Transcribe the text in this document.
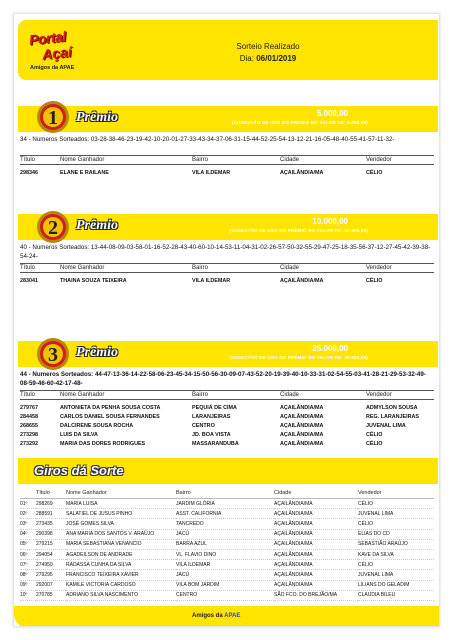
Portal
Açaí
Amigos da APAE
Sorteio Realizado
Dia: 06/01/2019
1 Prêmio	5.000,00
(SUGESTÃO DE USO DO PRÊMIO NO VALOR DE: 5.000,00)
34 - Numeros Sorteados: 03-28-38-46-23-19-42-10-20-01-27-33-43-34-37-06-31-15-44-52-25-54-13-12-21-16-05-48-40-55-41-57-11-32-
Título	Nome Ganhador	Bairro	Cidade	Vendedor
298346	ELANE E RAILANE	VILA ILDEMAR	AÇAILÂNDIA/MA	CÉLIO
2 Prêmio	10.000,00
(SUGESTÃO DE USO DO PRÊMIO NO VALOR DE: 10.000,00)
40 - Numeros Sorteados: 13-44-08-09-03-58-01-16-52-28-43-40-60-10-14-53-11-04-31-02-26-57-50-32-55-29-47-25-18-35-56-37-12-27-45-42-39-38-54-24-
Título	Nome Ganhador	Bairro	Cidade	Vendedor
283041	THAINA SOUZA TEIXEIRA	VILA ILDEMAR	AÇAILÂNDIA/MA	CÉLIO
3 Prêmio	25.000,00
(SUGESTÃO DE USO DO PRÊMIO NO VALOR DE: 25.000,00)
44 - Numeros Sorteados: 44-47-13-36-14-22-58-06-23-45-34-15-50-56-30-09-07-43-52-20-19-39-40-10-33-31-02-54-55-03-41-28-21-29-53-32-49-08-59-46-60-42-17-48-
Título	Nome Ganhador	Bairro	Cidade	Vendedor
279767	ANTONIETA DA PENHA SOUSA COSTA	PEQUIÁ DE CIMA	AÇAILÂNDIA/MA	ADMYLSON SOUSA
284458	CARLOS DANIEL SOUSA FERNANDES	LARANJEIRAS	AÇAILÂNDIA/MA	REG. LARANJEIRAS
268655	DALCIRENE SOUSA ROCHA	CENTRO	AÇAILÂNDIA/MA	JUVENAL LIMA
273298	LUIS DA SILVA	JD. BOA VISTA	AÇAILÂNDIA/MA	CÉLIO
273292	MARIA DAS DORES RODRIGUES	MASSARANDUBA	AÇAILÂNDIA/MA	CÉLIO
Giros dá Sorte
	Título	Nome Ganhador	Bairro	Cidade	Vendedor
01º	298269	MARIA LUISA	JARDIM GLÓRIA	AÇAILÂNDIA/MA	CÉLIO
02º	288591	SALATIEL DE JUSUS PINHO	ASST. CALIFORNIA	AÇAILÂNDIA/MA	JUVENAL LIMA
03º	273435	JOSÉ GOMES SILVA	TANCREDO	AÇAILÂNDIA/MA	CÉLIO
04º	290398	ANA MARIA DOS SANTOS V. ARAÚJO	JACÚ	AÇAILÂNDIA/MA	ELIAS DO CD
05º	279215	MARIA SEBASTIANA VENANCIO	BARRA AZUL	AÇAILÂNDIA/MA	SEBASTIÃO ARAÚJO
06º	294054	AGADEILSON DE ANDRADE	VL. FLAVIO DINO	AÇAILÂNDIA/MA	KAVE DA SILVA
07º	274950	RADASSA CUNHA DA SILVA	VILA ILDEMAR	AÇAILÂNDIA/MA	CÉLIO
08º	279295	FRANCISCO TEIXEIRA XAVIER	JACÚ	AÇAILÂNDIA/MA	JUVENAL LIMA
09º	292007	KAMILE VICTORIA CARDOSO	VILA BOM JARDIM	AÇAILÂNDIA/MA	LILIANS DO GELADIM
10º	270785	ADRIANO SILVA NASCIMENTO	CENTRO	SÃO FCO. DO BREJÃO/MA	CLAUDIA BILEU
Amigos da APAE
